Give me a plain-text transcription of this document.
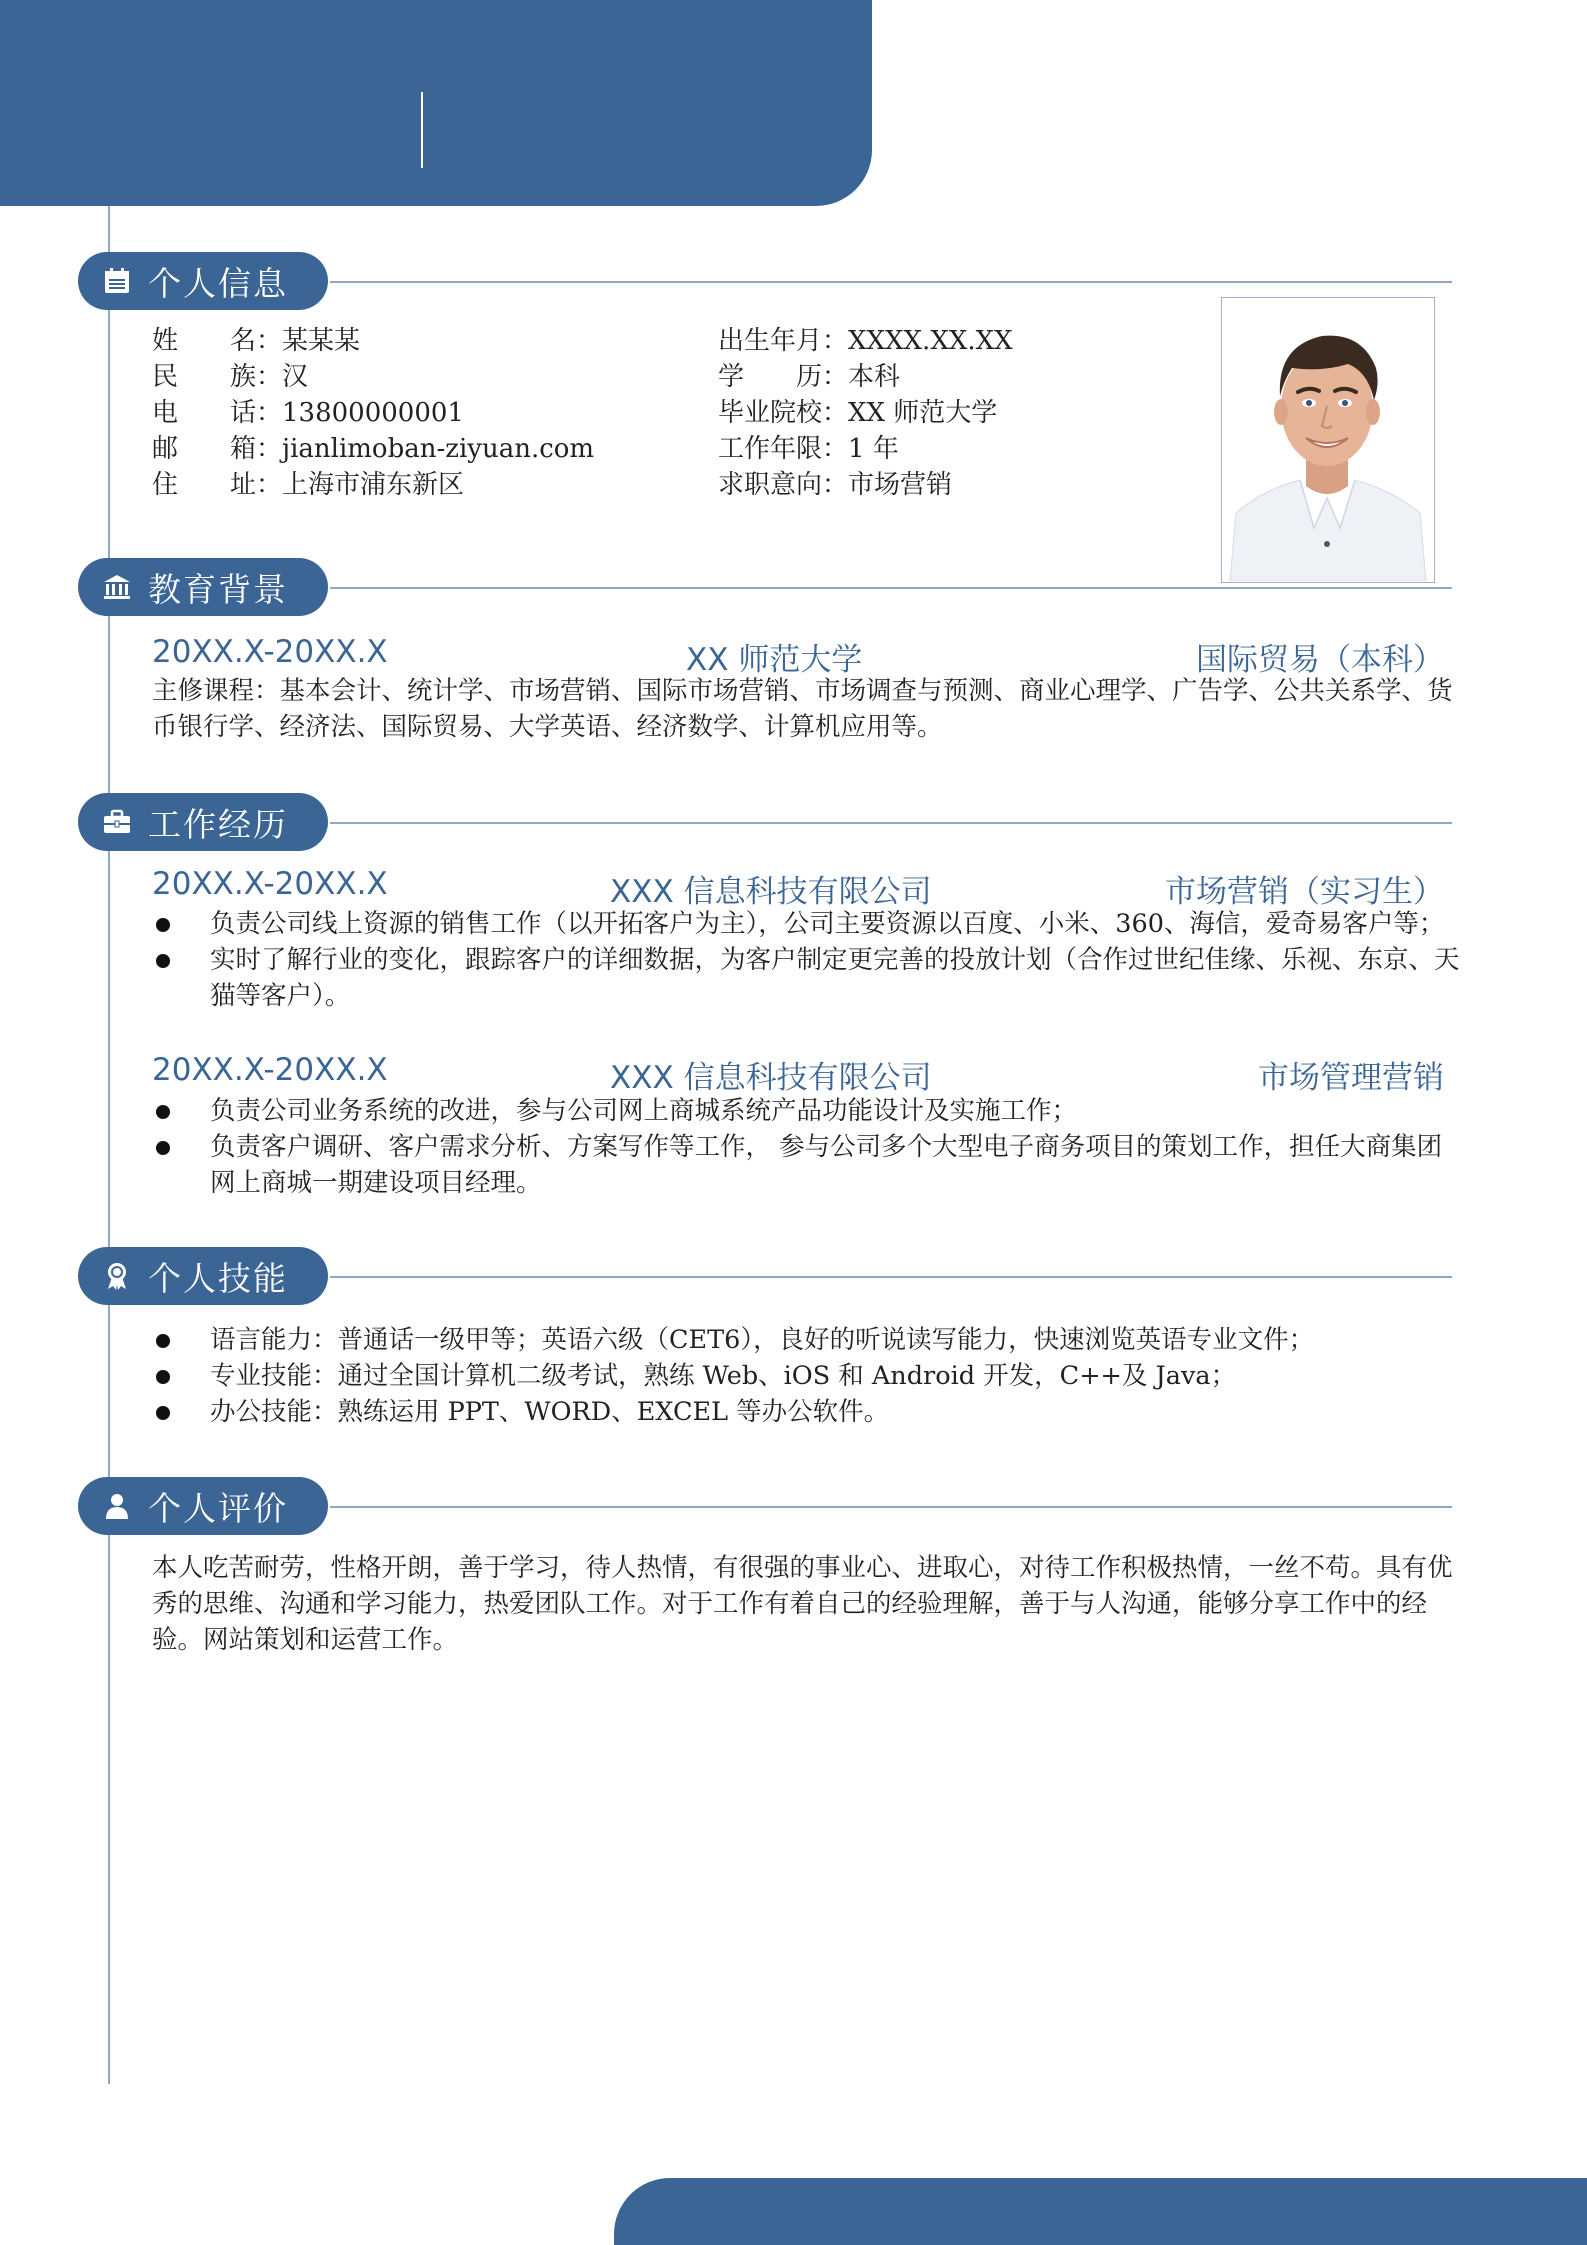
个人信息
姓　　名：某某某
民　　族：汉
电　　话：13800000001
邮　　箱：jianlimoban-ziyuan.com
住　　址：上海市浦东新区
出生年月：XXXX.XX.XX
学　　历：本科
毕业院校：XX 师范大学
工作年限：1 年
求职意向：市场营销
教育背景
20XX.X-20XX.X	XX 师范大学	国际贸易（本科）
主修课程：基本会计、统计学、市场营销、国际市场营销、市场调查与预测、商业心理学、广告学、公共关系学、货币银行学、经济法、国际贸易、大学英语、经济数学、计算机应用等。
工作经历
20XX.X-20XX.X	XXX 信息科技有限公司	市场营销（实习生）
负责公司线上资源的销售工作（以开拓客户为主），公司主要资源以百度、小米、360、海信，爱奇易客户等；
实时了解行业的变化，跟踪客户的详细数据，为客户制定更完善的投放计划（合作过世纪佳缘、乐视、东京、天猫等客户）。
20XX.X-20XX.X	XXX 信息科技有限公司	市场管理营销
负责公司业务系统的改进，参与公司网上商城系统产品功能设计及实施工作；
负责客户调研、客户需求分析、方案写作等工作， 参与公司多个大型电子商务项目的策划工作，担任大商集团网上商城一期建设项目经理。
个人技能
语言能力：普通话一级甲等；英语六级（CET6），良好的听说读写能力，快速浏览英语专业文件；
专业技能：通过全国计算机二级考试，熟练 Web、iOS 和 Android 开发，C++及 Java；
办公技能：熟练运用 PPT、WORD、EXCEL 等办公软件。
个人评价
本人吃苦耐劳，性格开朗，善于学习，待人热情，有很强的事业心、进取心，对待工作积极热情，一丝不苟。具有优秀的思维、沟通和学习能力，热爱团队工作。对于工作有着自己的经验理解，善于与人沟通，能够分享工作中的经验。网站策划和运营工作。
